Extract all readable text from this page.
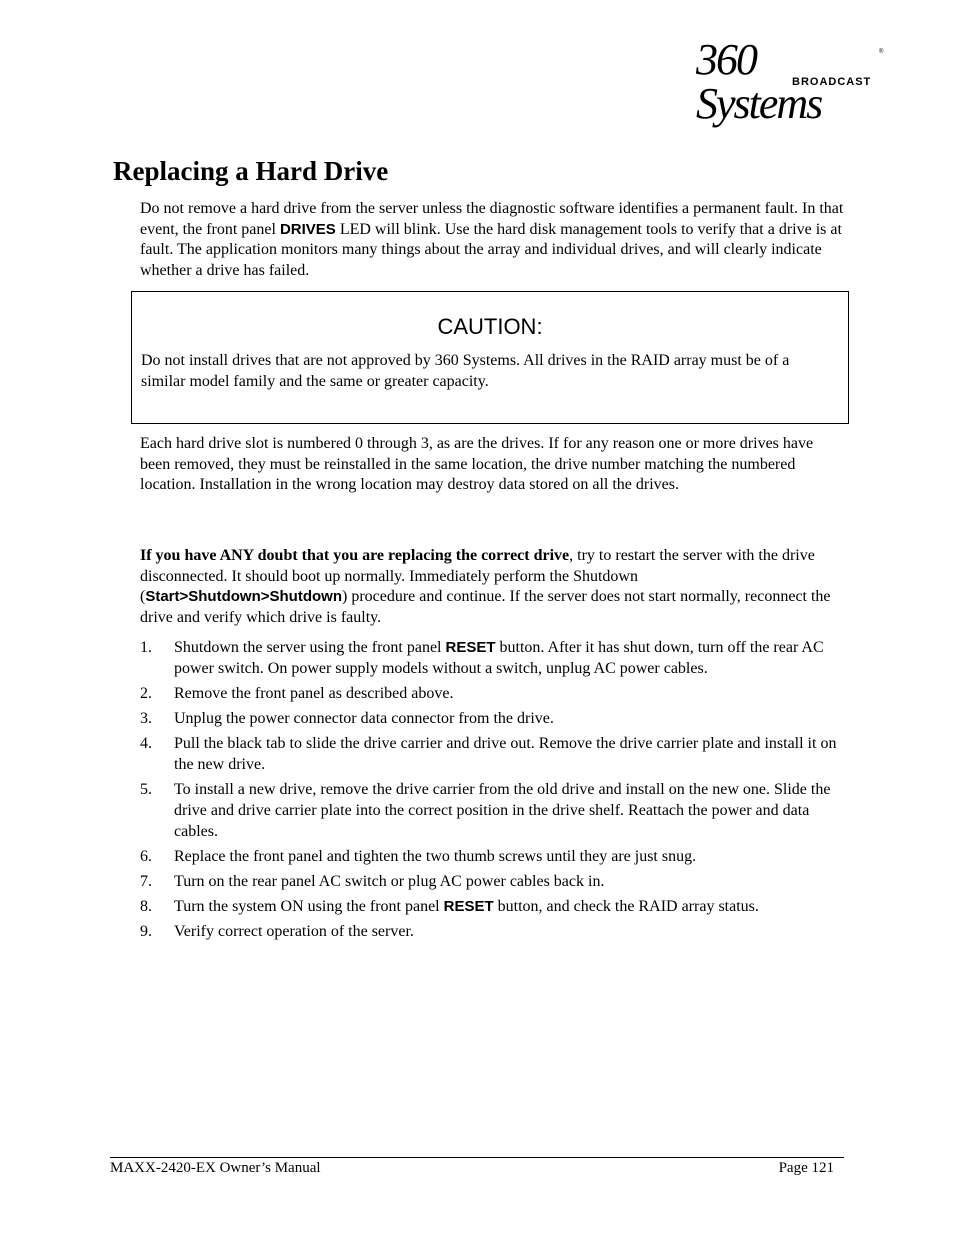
360 Systems
®
BROADCAST
Replacing a Hard Drive

Do not remove a hard drive from the server unless the diagnostic software identifies a permanent fault. In that event, the front panel DRIVES LED will blink. Use the hard disk management tools to verify that a drive is at fault. The application monitors many things about the array and individual drives, and will clearly indicate whether a drive has failed.

CAUTION:

Do not install drives that are not approved by 360 Systems. All drives in the RAID array must be of a similar model family and the same or greater capacity.

Each hard drive slot is numbered 0 through 3, as are the drives. If for any reason one or more drives have been removed, they must be reinstalled in the same location, the drive number matching the numbered location. Installation in the wrong location may destroy data stored on all the drives.

If you have ANY doubt that you are replacing the correct drive, try to restart the server with the drive disconnected. It should boot up normally. Immediately perform the Shutdown (Start>Shutdown>Shutdown) procedure and continue. If the server does not start normally, reconnect the drive and verify which drive is faulty.

1. Shutdown the server using the front panel RESET button. After it has shut down, turn off the rear AC power switch. On power supply models without a switch, unplug AC power cables.
2. Remove the front panel as described above.
3. Unplug the power connector data connector from the drive.
4. Pull the black tab to slide the drive carrier and drive out. Remove the drive carrier plate and install it on the new drive.
5. To install a new drive, remove the drive carrier from the old drive and install on the new one. Slide the drive and drive carrier plate into the correct position in the drive shelf. Reattach the power and data cables.
6. Replace the front panel and tighten the two thumb screws until they are just snug.
7. Turn on the rear panel AC switch or plug AC power cables back in.
8. Turn the system ON using the front panel RESET button, and check the RAID array status.
9. Verify correct operation of the server.
MAXX-2420-EX Owner’s Manual	Page 121
